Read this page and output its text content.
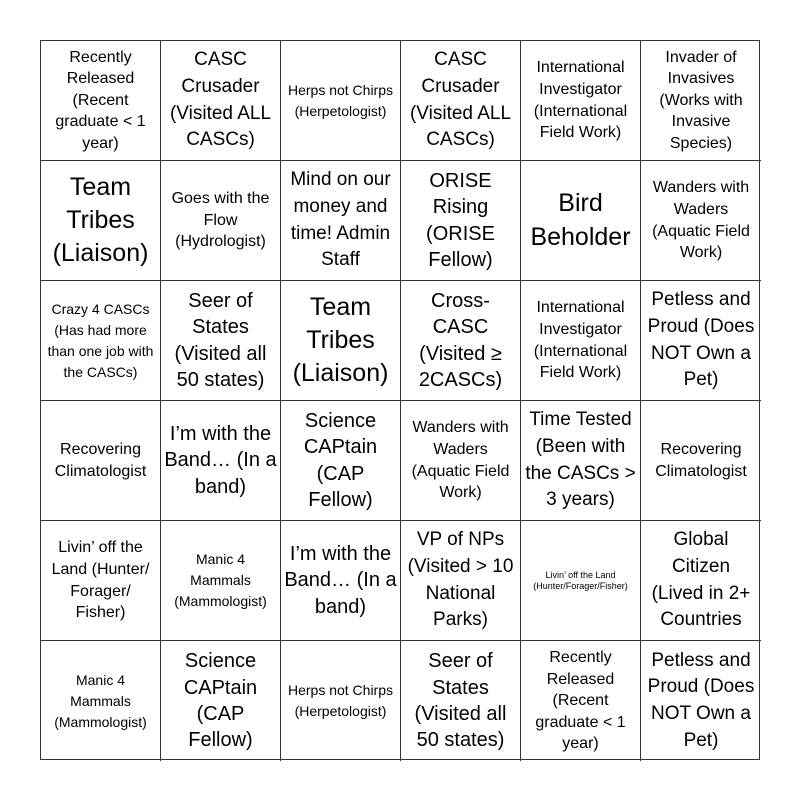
Recently Released (Recent graduate < 1 year)
CASC Crusader (Visited ALL CASCs)
Herps not Chirps (Herpetologist)
CASC Crusader (Visited ALL CASCs)
International Investigator (International Field Work)
Invader of Invasives (Works with Invasive Species)
Team Tribes (Liaison)
Goes with the Flow (Hydrologist)
Mind on our money and time! Admin Staff
ORISE Rising (ORISE Fellow)
Bird Beholder
Wanders with Waders (Aquatic Field Work)
Crazy 4 CASCs (Has had more than one job with the CASCs)
Seer of States (Visited all 50 states)
Team Tribes (Liaison)
Cross-CASC (Visited ≥ 2CASCs)
International Investigator (International Field Work)
Petless and Proud (Does NOT Own a Pet)
Recovering Climatologist
I’m with the Band… (In a band)
Science CAPtain (CAP Fellow)
Wanders with Waders (Aquatic Field Work)
Time Tested (Been with the CASCs > 3 years)
Recovering Climatologist
Livin’ off the Land (Hunter/ Forager/ Fisher)
Manic 4 Mammals (Mammologist)
I’m with the Band… (In a band)
VP of NPs (Visited > 10 National Parks)
Livin’ off the Land (Hunter/Forager/Fisher)
Global Citizen (Lived in 2+ Countries
Manic 4 Mammals (Mammologist)
Science CAPtain (CAP Fellow)
Herps not Chirps (Herpetologist)
Seer of States (Visited all 50 states)
Recently Released (Recent graduate < 1 year)
Petless and Proud (Does NOT Own a Pet)
